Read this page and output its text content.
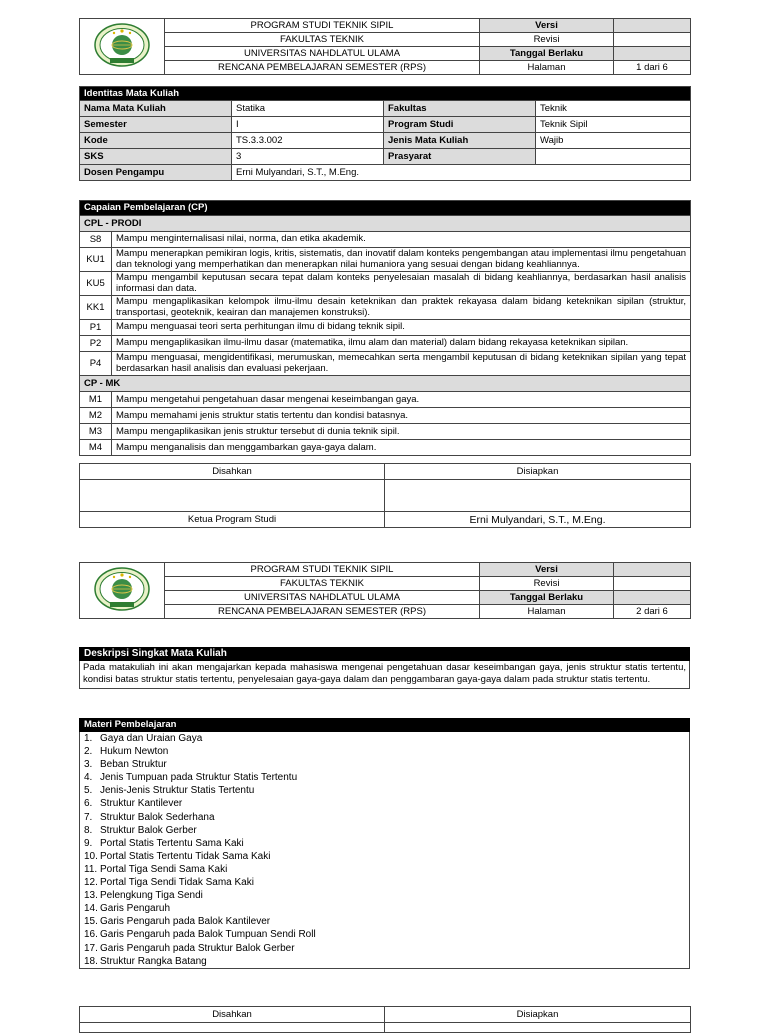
	PROGRAM STUDI TEKNIK SIPIL	Versi	
	FAKULTAS TEKNIK	Revisi	
	UNIVERSITAS NAHDLATUL ULAMA	Tanggal Berlaku	
	RENCANA PEMBELAJARAN SEMESTER (RPS)	Halaman	1 dari 6
Identitas Mata Kuliah			
Nama Mata Kuliah	Statika	Fakultas	Teknik
Semester	I	Program Studi	Teknik Sipil
Kode	TS.3.3.002	Jenis Mata Kuliah	Wajib
SKS	3	Prasyarat	
Dosen Pengampu	Erni Mulyandari, S.T., M.Eng.		
Capaian Pembelajaran (CP)	
CPL - PRODI	
S8	Mampu menginternalisasi nilai, norma, dan etika akademik.
KU1	Mampu menerapkan pemikiran logis, kritis, sistematis, dan inovatif dalam konteks pengembangan atau implementasi ilmu pengetahuan dan teknologi yang memperhatikan dan menerapkan nilai humaniora yang sesuai dengan bidang keahliannya.
KU5	Mampu mengambil keputusan secara tepat dalam konteks penyelesaian masalah di bidang keahliannya, berdasarkan hasil analisis informasi dan data.
KK1	Mampu mengaplikasikan kelompok ilmu-ilmu desain keteknikan dan praktek rekayasa dalam bidang keteknikan sipilan (struktur, transportasi, geoteknik, keairan dan manajemen konstruksi).
P1	Mampu menguasai teori serta perhitungan ilmu di bidang teknik sipil.
P2	Mampu mengaplikasikan ilmu-ilmu dasar (matematika, ilmu alam dan material) dalam bidang rekayasa keteknikan sipilan.
P4	Mampu menguasai, mengidentifikasi, merumuskan, memecahkan serta mengambil keputusan di bidang keteknikan sipilan yang tepat berdasarkan hasil analisis dan evaluasi pekerjaan.
CP - MK	
M1	Mampu mengetahui pengetahuan dasar mengenai keseimbangan gaya.
M2	Mampu memahami jenis struktur statis tertentu dan kondisi batasnya.
M3	Mampu mengaplikasikan jenis struktur tersebut di dunia teknik sipil.
M4	Mampu menganalisis dan menggambarkan gaya-gaya dalam.
Disahkan	Disiapkan

Ketua Program Studi	Erni Mulyandari, S.T., M.Eng.
	PROGRAM STUDI TEKNIK SIPIL	Versi	
	FAKULTAS TEKNIK	Revisi	
	UNIVERSITAS NAHDLATUL ULAMA	Tanggal Berlaku	
	RENCANA PEMBELAJARAN SEMESTER (RPS)	Halaman	2 dari 6
Deskripsi Singkat Mata Kuliah
Pada matakuliah ini akan mengajarkan kepada mahasiswa mengenai pengetahuan dasar keseimbangan gaya, jenis struktur statis tertentu, kondisi batas struktur statis tertentu, penyelesaian gaya-gaya dalam dan penggambaran gaya-gaya dalam pada struktur statis tertentu.
Materi Pembelajaran
1. Gaya dan Uraian Gaya
2. Hukum Newton
3. Beban Struktur
4. Jenis Tumpuan pada Struktur Statis Tertentu
5. Jenis-Jenis Struktur Statis Tertentu
6. Struktur Kantilever
7. Struktur Balok Sederhana
8. Struktur Balok Gerber
9. Portal Statis Tertentu Sama Kaki
10. Portal Statis Tertentu Tidak Sama Kaki
11. Portal Tiga Sendi Sama Kaki
12. Portal Tiga Sendi Tidak Sama Kaki
13. Pelengkung Tiga Sendi
14. Garis Pengaruh
15. Garis Pengaruh pada Balok Kantilever
16. Garis Pengaruh pada Balok Tumpuan Sendi Roll
17. Garis Pengaruh pada Struktur Balok Gerber
18. Struktur Rangka Batang
Disahkan	Disiapkan
